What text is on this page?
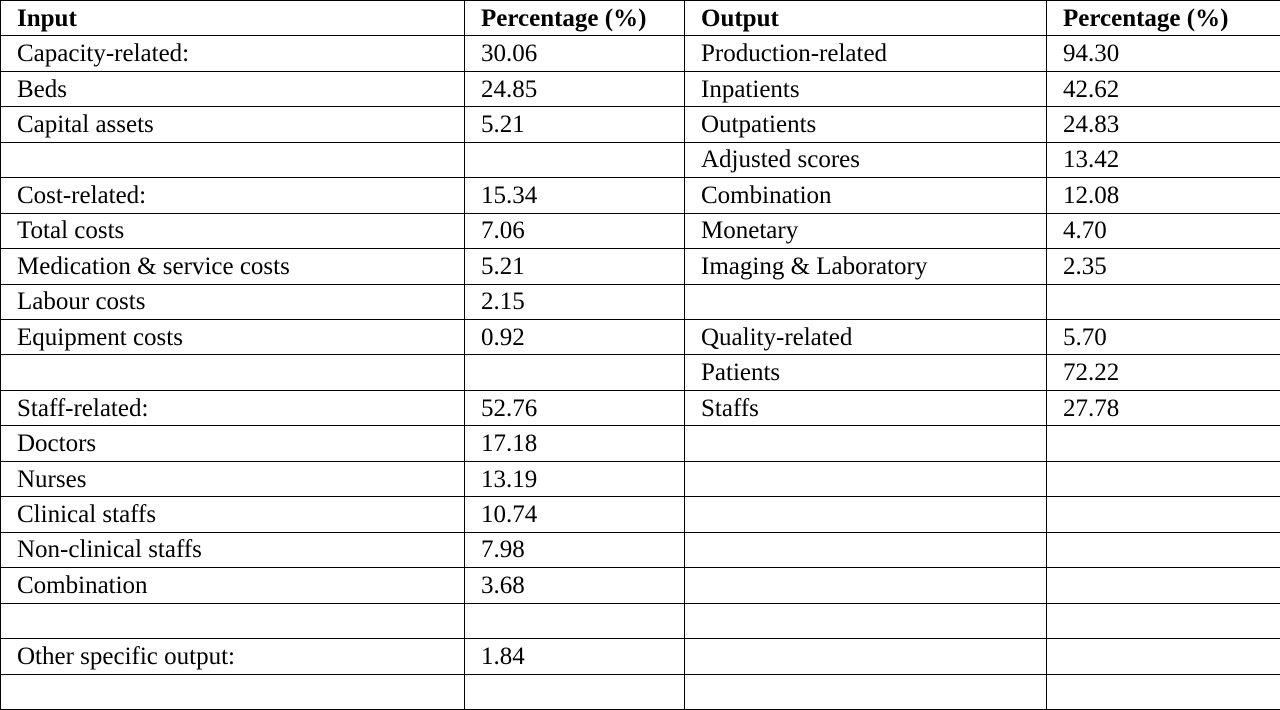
Input	Percentage (%)	Output	Percentage (%)
Capacity-related:	30.06	Production-related	94.30
Beds	24.85	Inpatients	42.62
Capital assets	5.21	Outpatients	24.83
		Adjusted scores	13.42
Cost-related:	15.34	Combination	12.08
Total costs	7.06	Monetary	4.70
Medication & service costs	5.21	Imaging & Laboratory	2.35
Labour costs	2.15		
Equipment costs	0.92	Quality-related	5.70
		Patients	72.22
Staff-related:	52.76	Staffs	27.78
Doctors	17.18		
Nurses	13.19		
Clinical staffs	10.74		
Non-clinical staffs	7.98		
Combination	3.68		

Other specific output:	1.84		
